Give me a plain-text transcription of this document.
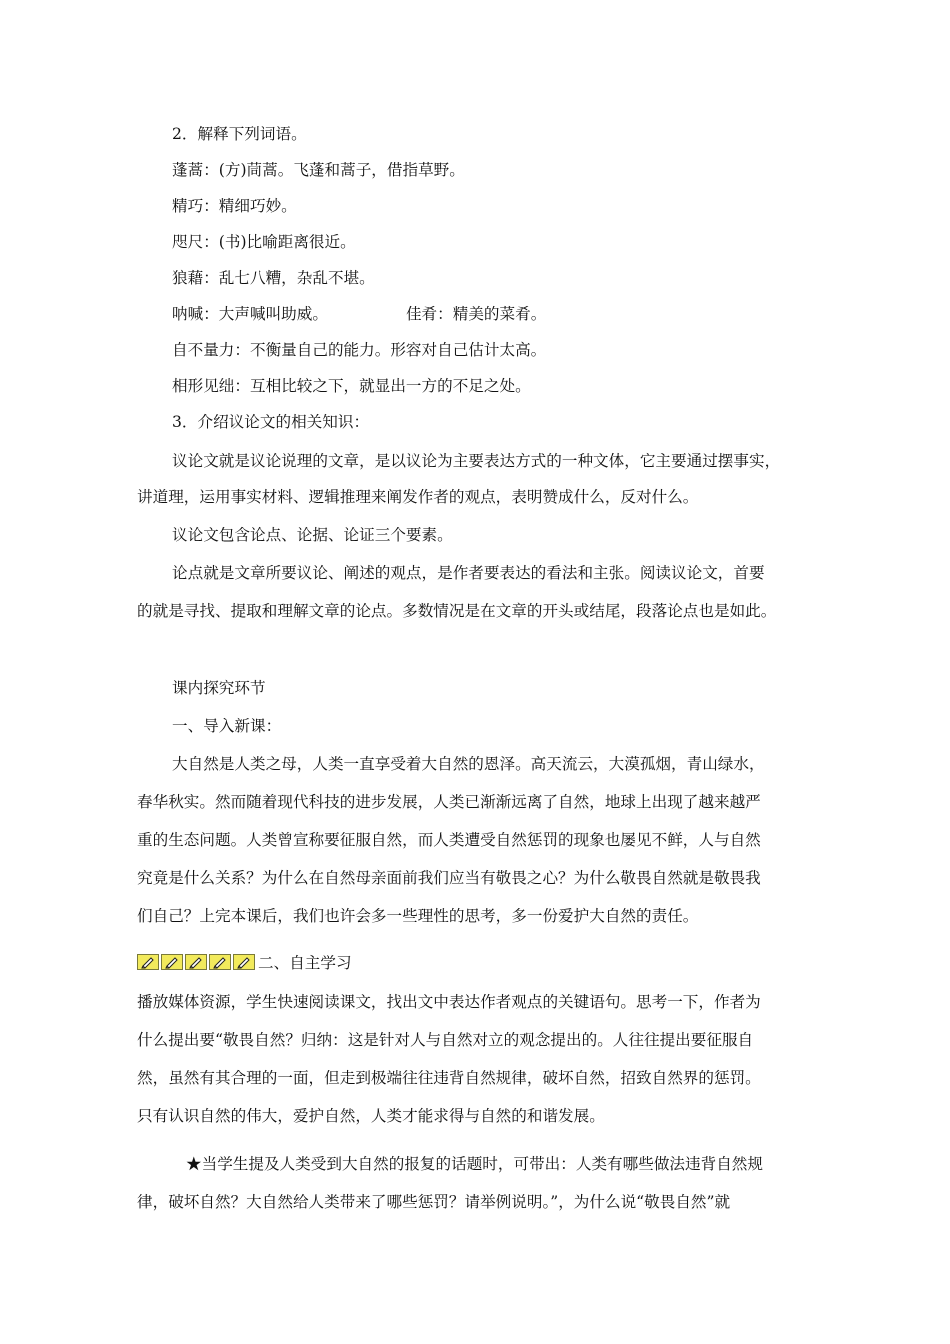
2．解释下列词语。
蓬蒿：(方)茼蒿。飞蓬和蒿子，借指草野。
精巧：精细巧妙。
咫尺：(书)比喻距离很近。
狼藉：乱七八糟，杂乱不堪。
呐喊：大声喊叫助威。	佳肴：精美的菜肴。
自不量力：不衡量自己的能力。形容对自己估计太高。
相形见绌：互相比较之下，就显出一方的不足之处。
3．介绍议论文的相关知识：
议论文就是议论说理的文章，是以议论为主要表达方式的一种文体，它主要通过摆事实，
讲道理，运用事实材料、逻辑推理来阐发作者的观点，表明赞成什么，反对什么。
议论文包含论点、论据、论证三个要素。
论点就是文章所要议论、阐述的观点，是作者要表达的看法和主张。阅读议论文，首要
的就是寻找、提取和理解文章的论点。多数情况是在文章的开头或结尾，段落论点也是如此。
课内探究环节
一、导入新课：
大自然是人类之母，人类一直享受着大自然的恩泽。高天流云，大漠孤烟，青山绿水，
春华秋实。然而随着现代科技的进步发展，人类已渐渐远离了自然，地球上出现了越来越严
重的生态问题。人类曾宣称要征服自然，而人类遭受自然惩罚的现象也屡见不鲜，人与自然
究竟是什么关系？为什么在自然母亲面前我们应当有敬畏之心？为什么敬畏自然就是敬畏我
们自己？上完本课后，我们也许会多一些理性的思考，多一份爱护大自然的责任。
二、自主学习
播放媒体资源，学生快速阅读课文，找出文中表达作者观点的关键语句。思考一下，作者为
什么提出要“敬畏自然？归纳：这是针对人与自然对立的观念提出的。人往往提出要征服自
然，虽然有其合理的一面，但走到极端往往违背自然规律，破坏自然，招致自然界的惩罚。
只有认识自然的伟大，爱护自然，人类才能求得与自然的和谐发展。
★当学生提及人类受到大自然的报复的话题时，可带出：人类有哪些做法违背自然规
律，破坏自然？大自然给人类带来了哪些惩罚？请举例说明。”，为什么说“敬畏自然”就
